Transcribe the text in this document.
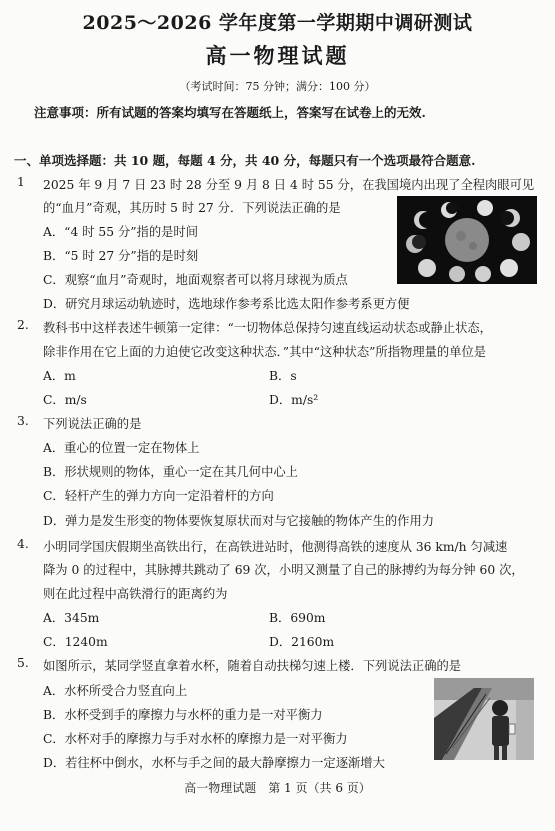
2025～2026 学年度第一学期期中调研测试
高一物理试题
（考试时间：75 分钟；满分：100 分）
注意事项：所有试题的答案均填写在答题纸上，答案写在试卷上的无效.
一、单项选择题：共 10 题，每题 4 分，共 40 分，每题只有一个选项最符合题意.
1 2025 年 9 月 7 日 23 时 28 分至 9 月 8 日 4 时 55 分，在我国境内出现了全程肉眼可见
的“血月”奇观，其历时 5 时 27 分．下列说法正确的是
A．“4 时 55 分”指的是时间
B．“5 时 27 分”指的是时刻
C．观察“血月”奇观时，地面观察者可以将月球视为质点
D．研究月球运动轨迹时，选地球作参考系比选太阳作参考系更方便
2. 教科书中这样表述牛顿第一定律：“一切物体总保持匀速直线运动状态或静止状态，
除非作用在它上面的力迫使它改变这种状态．”其中“这种状态”所指物理量的单位是
A．m	B．s
C．m/s	D．m/s²
3. 下列说法正确的是
A．重心的位置一定在物体上
B．形状规则的物体，重心一定在其几何中心上
C．轻杆产生的弹力方向一定沿着杆的方向
D．弹力是发生形变的物体要恢复原状而对与它接触的物体产生的作用力
4. 小明同学国庆假期坐高铁出行，在高铁进站时，他测得高铁的速度从 36 km/h 匀减速
降为 0 的过程中，其脉搏共跳动了 69 次，小明又测量了自己的脉搏约为每分钟 60 次，
则在此过程中高铁滑行的距离约为
A．345m	B．690m
C．1240m	D．2160m
5. 如图所示，某同学竖直拿着水杯，随着自动扶梯匀速上楼．下列说法正确的是
A．水杯所受合力竖直向上
B．水杯受到手的摩擦力与水杯的重力是一对平衡力
C．水杯对手的摩擦力与手对水杯的摩擦力是一对平衡力
D．若往杯中倒水，水杯与手之间的最大静摩擦力一定逐渐增大
高一物理试题　第 1 页（共 6 页）
